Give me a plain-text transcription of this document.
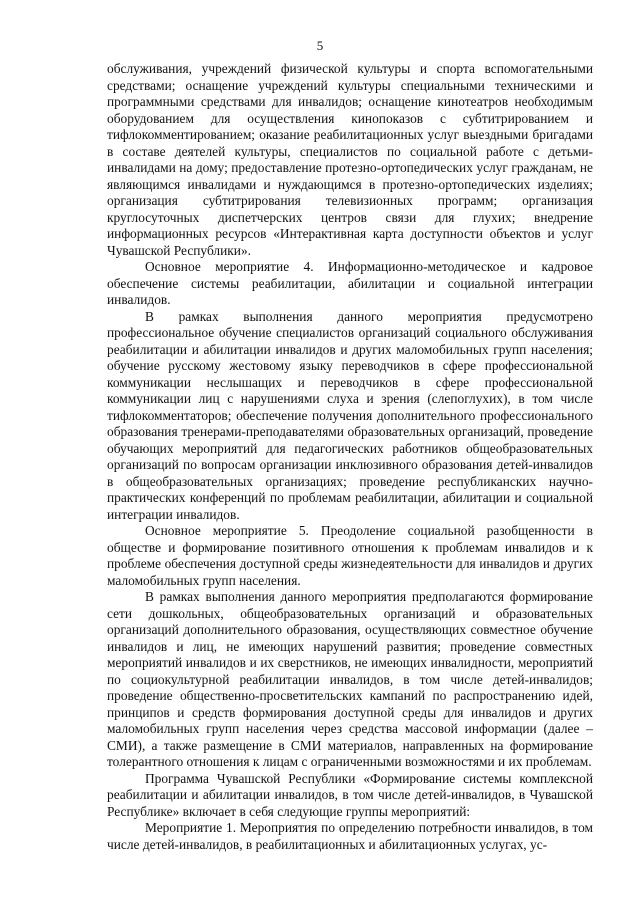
5

обслуживания, учреждений физической культуры и спорта вспомогательными средствами; оснащение учреждений культуры специальными техническими и программными средствами для инвалидов; оснащение кинотеатров необходимым оборудованием для осуществления кинопоказов с субтитрированием и тифлокомментированием; оказание реабилитационных услуг выездными бригадами в составе деятелей культуры, специалистов по социальной работе с детьми-инвалидами на дому; предоставление протезно-ортопедических услуг гражданам, не являющимся инвалидами и нуждающимся в протезно-ортопедических изделиях; организация субтитрирования телевизионных программ; организация круглосуточных диспетчерских центров связи для глухих; внедрение информационных ресурсов «Интерактивная карта доступности объектов и услуг Чувашской Республики».

Основное мероприятие 4. Информационно-методическое и кадровое обеспечение системы реабилитации, абилитации и социальной интеграции инвалидов.

В рамках выполнения данного мероприятия предусмотрено профессиональное обучение специалистов организаций социального обслуживания реабилитации и абилитации инвалидов и других маломобильных групп населения; обучение русскому жестовому языку переводчиков в сфере профессиональной коммуникации неслышащих и переводчиков в сфере профессиональной коммуникации лиц с нарушениями слуха и зрения (слепоглухих), в том числе тифлокомментаторов; обеспечение получения дополнительного профессионального образования тренерами-преподавателями образовательных организаций, проведение обучающих мероприятий для педагогических работников общеобразовательных организаций по вопросам организации инклюзивного образования детей-инвалидов в общеобразовательных организациях; проведение республиканских научно-практических конференций по проблемам реабилитации, абилитации и социальной интеграции инвалидов.

Основное мероприятие 5. Преодоление социальной разобщенности в обществе и формирование позитивного отношения к проблемам инвалидов и к проблеме обеспечения доступной среды жизнедеятельности для инвалидов и других маломобильных групп населения.

В рамках выполнения данного мероприятия предполагаются формирование сети дошкольных, общеобразовательных организаций и образовательных организаций дополнительного образования, осуществляющих совместное обучение инвалидов и лиц, не имеющих нарушений развития; проведение совместных мероприятий инвалидов и их сверстников, не имеющих инвалидности, мероприятий по социокультурной реабилитации инвалидов, в том числе детей-инвалидов; проведение общественно-просветительских кампаний по распространению идей, принципов и средств формирования доступной среды для инвалидов и других маломобильных групп населения через средства массовой информации (далее – СМИ), а также размещение в СМИ материалов, направленных на формирование толерантного отношения к лицам с ограниченными возможностями и их проблемам.

Программа Чувашской Республики «Формирование системы комплексной реабилитации и абилитации инвалидов, в том числе детей-инвалидов, в Чувашской Республике» включает в себя следующие группы мероприятий:

Мероприятие 1. Мероприятия по определению потребности инвалидов, в том числе детей-инвалидов, в реабилитационных и абилитационных услугах, ус-
